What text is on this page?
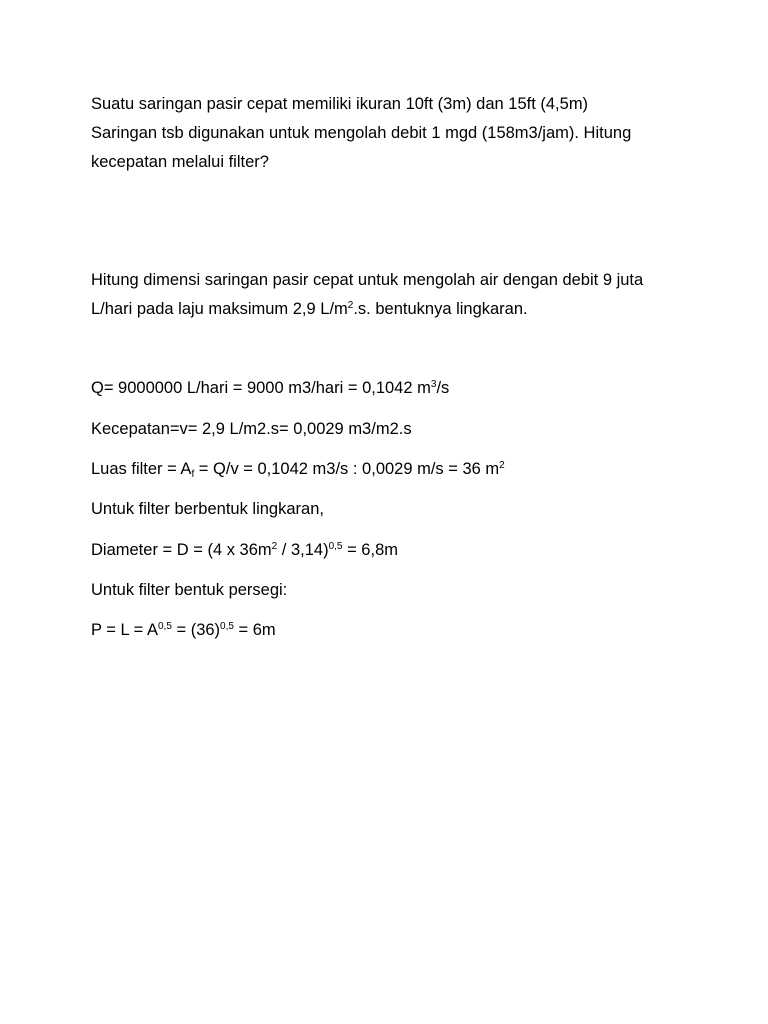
Suatu saringan pasir cepat memiliki ikuran 10ft (3m) dan 15ft (4,5m)
Saringan tsb digunakan untuk mengolah debit 1 mgd (158m3/jam). Hitung
kecepatan melalui filter?
Hitung dimensi saringan pasir cepat untuk mengolah air dengan debit 9 juta
L/hari pada laju maksimum 2,9 $L/m^2.s$. bentuknya lingkaran.
Q= 9000000 L/hari = 9000 m3/hari = 0,1042 $m^3/s$
Kecepatan=v= 2,9 L/m2.s= 0,0029 m3/m2.s
Luas filter = $A_f = Q/v = 0,1042$ m3/s : 0,0029 m/s = 36 $m^2$
Untuk filter berbentuk lingkaran,
Diameter = D = (4 x $36m^2 / 3,14)^{0,5} = 6,8m$
Untuk filter bentuk persegi:
$P = L = A^{0,5} = (36)^{0,5} = 6m$
